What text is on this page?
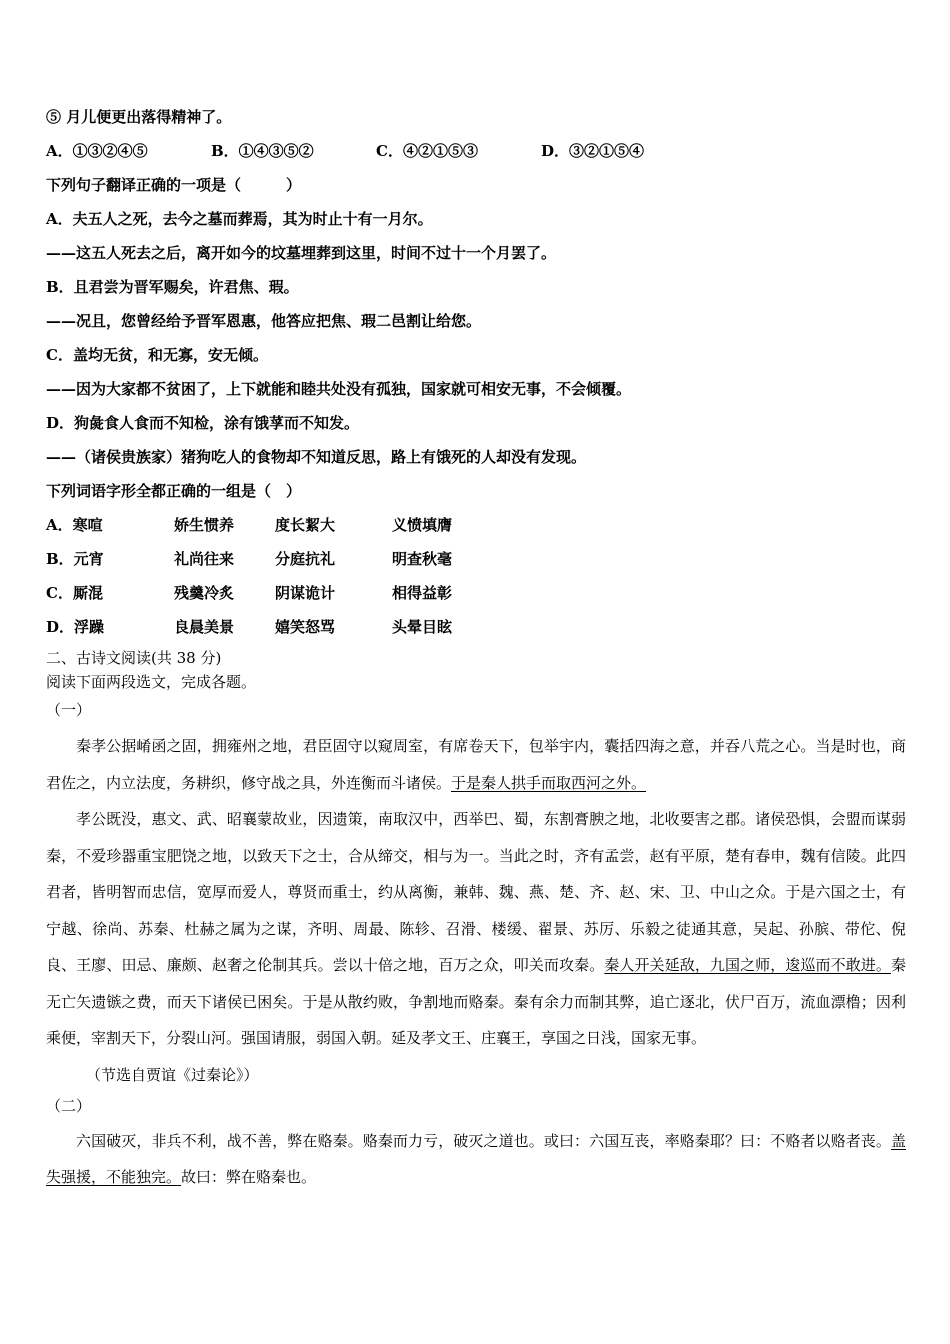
⑤ 月儿便更出落得精神了。
A．①③②④⑤	B．①④③⑤②	C．④②①⑤③	D．③②①⑤④
下列句子翻译正确的一项是（　　　）
A．夫五人之死，去今之墓而葬焉，其为时止十有一月尔。
——这五人死去之后，离开如今的坟墓埋葬到这里，时间不过十一个月罢了。
B．且君尝为晋军赐矣，许君焦、瑕。
——况且，您曾经给予晋军恩惠，他答应把焦、瑕二邑割让给您。
C．盖均无贫，和无寡，安无倾。
——因为大家都不贫困了，上下就能和睦共处没有孤独，国家就可相安无事，不会倾覆。
D．狗彘食人食而不知检，涂有饿莩而不知发。
——（诸侯贵族家）猪狗吃人的食物却不知道反思，路上有饿死的人却没有发现。
下列词语字形全都正确的一组是（　）
A．寒喧	娇生惯养	度长絜大	义愤填膺
B．元宵	礼尚往来	分庭抗礼	明查秋毫
C．厮混	残羹冷炙	阴谋诡计	相得益彰
D．浮躁	良晨美景	嬉笑怒骂	头晕目眩
二、古诗文阅读(共 38 分)
阅读下面两段选文，完成各题。
（一）

秦孝公据崤函之固，拥雍州之地，君臣固守以窥周室，有席卷天下，包举宇内，囊括四海之意，并吞八荒之心。当是时也，商君佐之，内立法度，务耕织，修守战之具，外连衡而斗诸侯。于是秦人拱手而取西河之外。

孝公既没，惠文、武、昭襄蒙故业，因遗策，南取汉中，西举巴、蜀，东割膏腴之地，北收要害之郡。诸侯恐惧，会盟而谋弱秦，不爱珍器重宝肥饶之地，以致天下之士，合从缔交，相与为一。当此之时，齐有孟尝，赵有平原，楚有春申，魏有信陵。此四君者，皆明智而忠信，宽厚而爱人，尊贤而重士，约从离衡，兼韩、魏、燕、楚、齐、赵、宋、卫、中山之众。于是六国之士，有宁越、徐尚、苏秦、杜赫之属为之谋，齐明、周最、陈轸、召滑、楼缓、翟景、苏厉、乐毅之徒通其意，吴起、孙膑、带佗、倪良、王廖、田忌、廉颇、赵奢之伦制其兵。尝以十倍之地，百万之众，叩关而攻秦。秦人开关延敌，九国之师，逡巡而不敢进。秦无亡矢遗镞之费，而天下诸侯已困矣。于是从散约败，争割地而赂秦。秦有余力而制其弊，追亡逐北，伏尸百万，流血漂橹；因利乘便，宰割天下，分裂山河。强国请服，弱国入朝。延及孝文王、庄襄王，享国之日浅，国家无事。

（节选自贾谊《过秦论》）
（二）

六国破灭，非兵不利，战不善，弊在赂秦。赂秦而力亏，破灭之道也。或曰：六国互丧，率赂秦耶？曰：不赂者以赂者丧。盖失强援，不能独完。故曰：弊在赂秦也。
